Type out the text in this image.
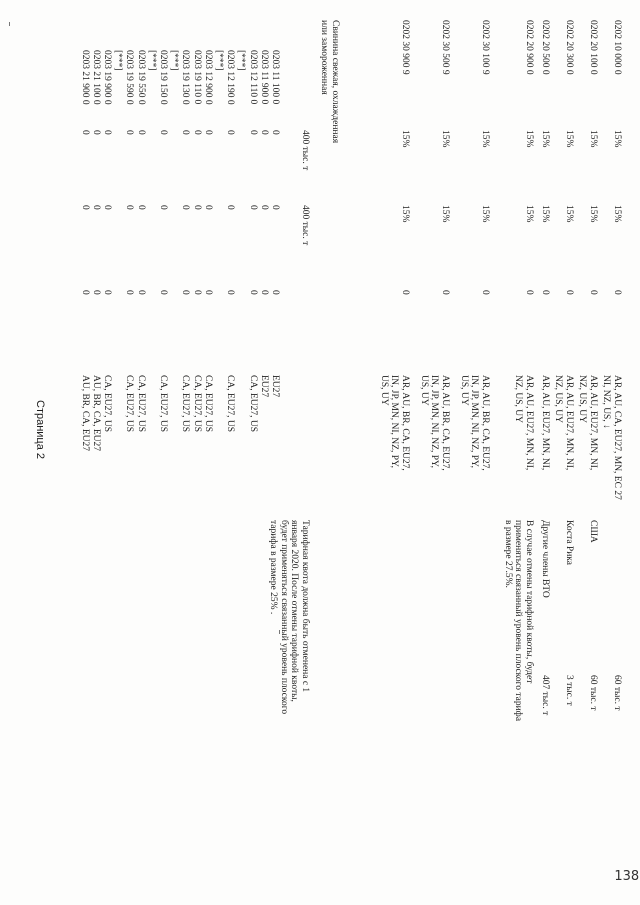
138
0202 10 000 0
15%
15%
0
AR, AU, CA, EU27, MN, EC 27
NI, NZ, US, ↓
60 тыс. т
0202 20 100 0
15%
15%
0
AR, AU, EU27, MN, NI,
NZ, US, UY
США
60 тыс. т
0202 20 300 0
15%
15%
0
AR, AU, EU27, MN, NI,
NZ, US, UY
Коста Рика
3 тыс. т
0202 20 500 0
15%
15%
0
AR, AU, EU27, MN, NI,
Другие члены ВТО
407 тыс. т
0202 20 900 0
15%
15%
0
AR, AU, EU27, MN, NI,
NZ, US, UY
В случае отмены тарифной квоты, будет
применяться связанный уровень плоского тарифа
в размере 27.5%.
0202 30 100 9
15%
15%
0
AR, AU, BR, CA, EU27,
IN, JP, MN, NI, NZ, PY,
US, UY
0202 30 500 9
15%
15%
0
AR, AU, BR, CA, EU27,
IN, JP, MN, NI, NZ, PY,
US, UY
0202 30 900 9
15%
15%
0
AR, AU, BR, CA, EU27,
IN, JP, MN, NI, NZ, PY,
US, UY
Свинина свежая, охлажденная
или замороженная
400 тыс. т
400 тыс. т
Тарифная квота должна быть отменена с 1
января 2020. После отмены тарифной квоты,
будет применяться связанный уровень плоского
тарифа в размере 25% .
0203 11 100 0
0203 11 900 0
0203 12 110 0
[***]
0203 12 190 0
[***]
0203 12 900 0
0203 19 110 0
0203 19 130 0
[***]
0203 19 150 0
[***]
0203 19 550 0
0203 19 590 0
[***]
0203 19 900 0
0203 21 100 0
0203 21 900 0
0
0
0
EU27
0
0
0
EU27
0
0
0
CA, EU27, US
0
0
0
CA, EU27, US
0
0
0
CA, EU27, US
0
0
0
CA, EU27, US
0
0
0
CA, EU27, US
0
0
0
CA, EU27, US
0
0
0
CA, EU27, US
0
0
0
CA, EU27, US
0
0
0
CA, EU27, US
0
0
0
AU, BR, CA, EU27
0
0
0
AU, BR, CA, EU27
Страница 2
